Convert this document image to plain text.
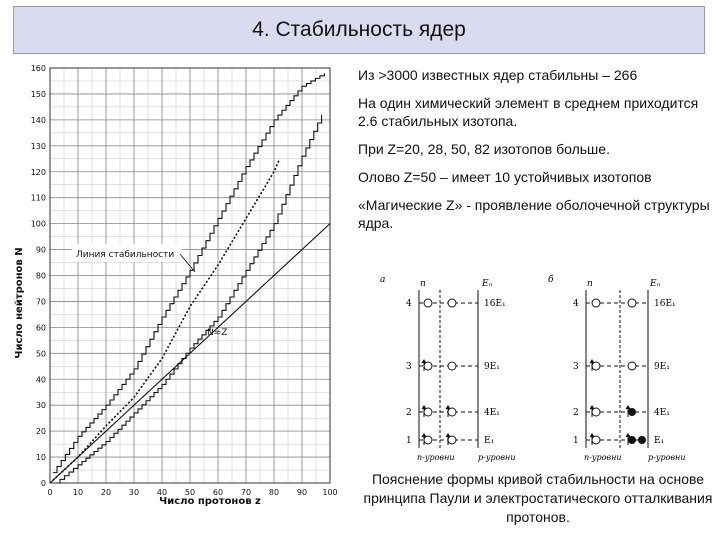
4. Стабильность ядер
0
10
20
30
40
50
60
70
80
90
100
110
120
130
140
150
160
0	10 20 30 40 50 60 70 80 90 100
Линия стабильности
N=Z
Число нейтронов N
Число протонов z

Из >3000 известных ядер стабильны – 266

На один химический элемент в среднем приходится 2.6 стабильных изотопа.

При Z=20, 28, 50, 82 изотопов больше.

Олово Z=50 – имеет 10 устойчивых изотопов

«Магические Z» - проявление оболочечной структуры ядра.

а	n	Eₙ
4
3
2
1
16E₁
9E₁
4E₁
E₁
n-уровни	p-уровни
б	n	Eₙ
4
3
2
1
16E₁
9E₁
4E₁
E₁
n-уровни	p-уровни
Пояснение формы кривой стабильности на основе принципа Паули и электростатического отталкивания протонов.
